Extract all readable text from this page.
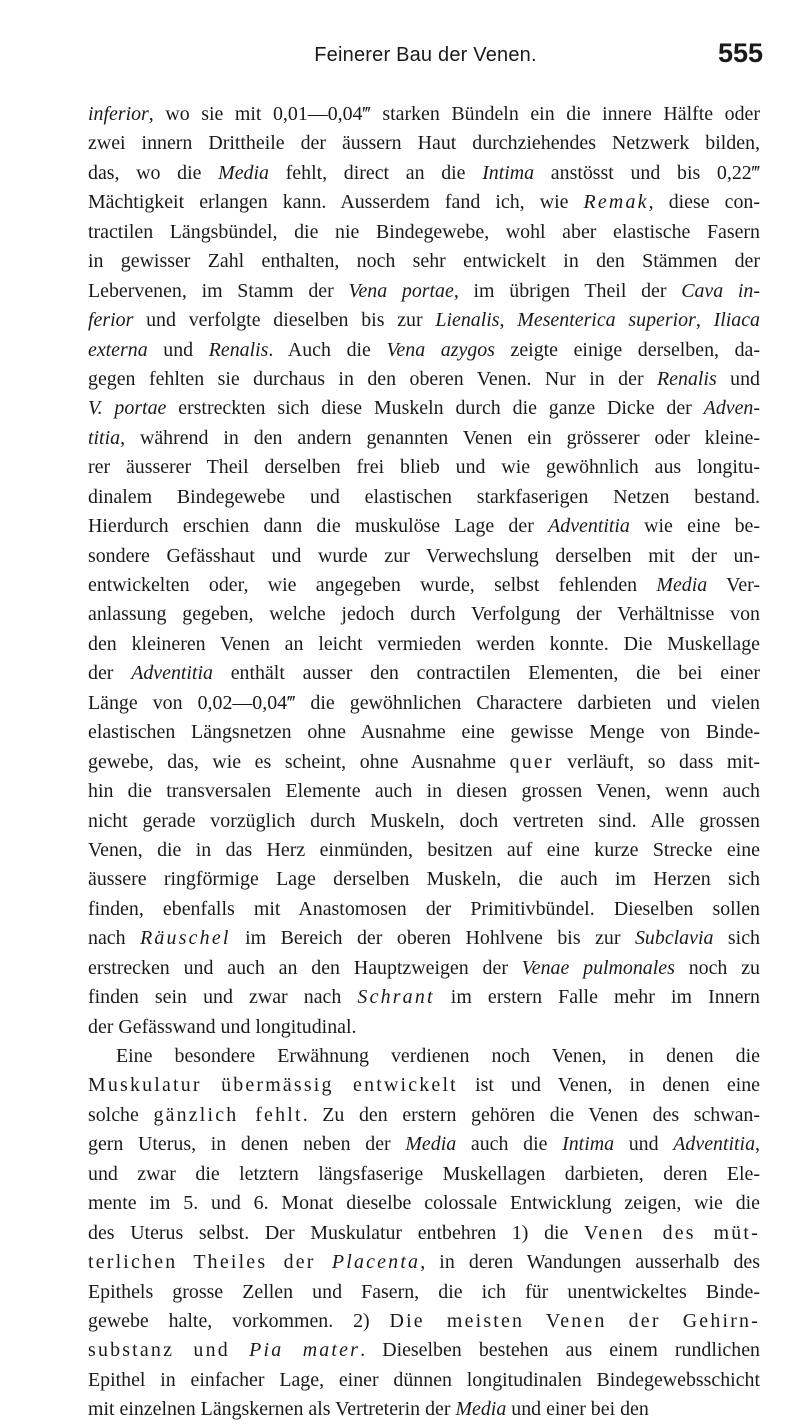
Feinerer Bau der Venen.	555
inferior, wo sie mit 0,01—0,04‴ starken Bündeln ein die innere Hälfte oder
zwei innern Drittheile der äussern Haut durchziehendes Netzwerk bilden,
das, wo die Media fehlt, direct an die Intima anstösst und bis 0,22‴
Mächtigkeit erlangen kann. Ausserdem fand ich, wie Remak, diese con-
tractilen Längsbündel, die nie Bindegewebe, wohl aber elastische Fasern
in gewisser Zahl enthalten, noch sehr entwickelt in den Stämmen der
Lebervenen, im Stamm der Vena portae, im übrigen Theil der Cava in-
ferior und verfolgte dieselben bis zur Lienalis, Mesenterica superior, Iliaca
externa und Renalis. Auch die Vena azygos zeigte einige derselben, da-
gegen fehlten sie durchaus in den oberen Venen. Nur in der Renalis und
V. portae erstreckten sich diese Muskeln durch die ganze Dicke der Adven-
titia, während in den andern genannten Venen ein grösserer oder kleine-
rer äusserer Theil derselben frei blieb und wie gewöhnlich aus longitu-
dinalem Bindegewebe und elastischen starkfaserigen Netzen bestand.
Hierdurch erschien dann die muskulöse Lage der Adventitia wie eine be-
sondere Gefässhaut und wurde zur Verwechslung derselben mit der un-
entwickelten oder, wie angegeben wurde, selbst fehlenden Media Ver-
anlassung gegeben, welche jedoch durch Verfolgung der Verhältnisse von
den kleineren Venen an leicht vermieden werden konnte. Die Muskellage
der Adventitia enthält ausser den contractilen Elementen, die bei einer
Länge von 0,02—0,04‴ die gewöhnlichen Charactere darbieten und vielen
elastischen Längsnetzen ohne Ausnahme eine gewisse Menge von Binde-
gewebe, das, wie es scheint, ohne Ausnahme quer verläuft, so dass mit-
hin die transversalen Elemente auch in diesen grossen Venen, wenn auch
nicht gerade vorzüglich durch Muskeln, doch vertreten sind. Alle grossen
Venen, die in das Herz einmünden, besitzen auf eine kurze Strecke eine
äussere ringförmige Lage derselben Muskeln, die auch im Herzen sich
finden, ebenfalls mit Anastomosen der Primitivbündel. Dieselben sollen
nach Räuschel im Bereich der oberen Hohlvene bis zur Subclavia sich
erstrecken und auch an den Hauptzweigen der Venae pulmonales noch zu
finden sein und zwar nach Schrant im erstern Falle mehr im Innern
der Gefässwand und longitudinal.
Eine besondere Erwähnung verdienen noch Venen, in denen die
Muskulatur übermässig entwickelt ist und Venen, in denen eine
solche gänzlich fehlt. Zu den erstern gehören die Venen des schwan-
gern Uterus, in denen neben der Media auch die Intima und Adventitia,
und zwar die letztern längsfaserige Muskellagen darbieten, deren Ele-
mente im 5. und 6. Monat dieselbe colossale Entwicklung zeigen, wie die
des Uterus selbst. Der Muskulatur entbehren 1) die Venen des müt-
terlichen Theiles der Placenta, in deren Wandungen ausserhalb des
Epithels grosse Zellen und Fasern, die ich für unentwickeltes Binde-
gewebe halte, vorkommen. 2) Die meisten Venen der Gehirn-
substanz und Pia mater. Dieselben bestehen aus einem rundlichen
Epithel in einfacher Lage, einer dünnen longitudinalen Bindegewebsschicht
mit einzelnen Längskernen als Vertreterin der Media und einer bei den
